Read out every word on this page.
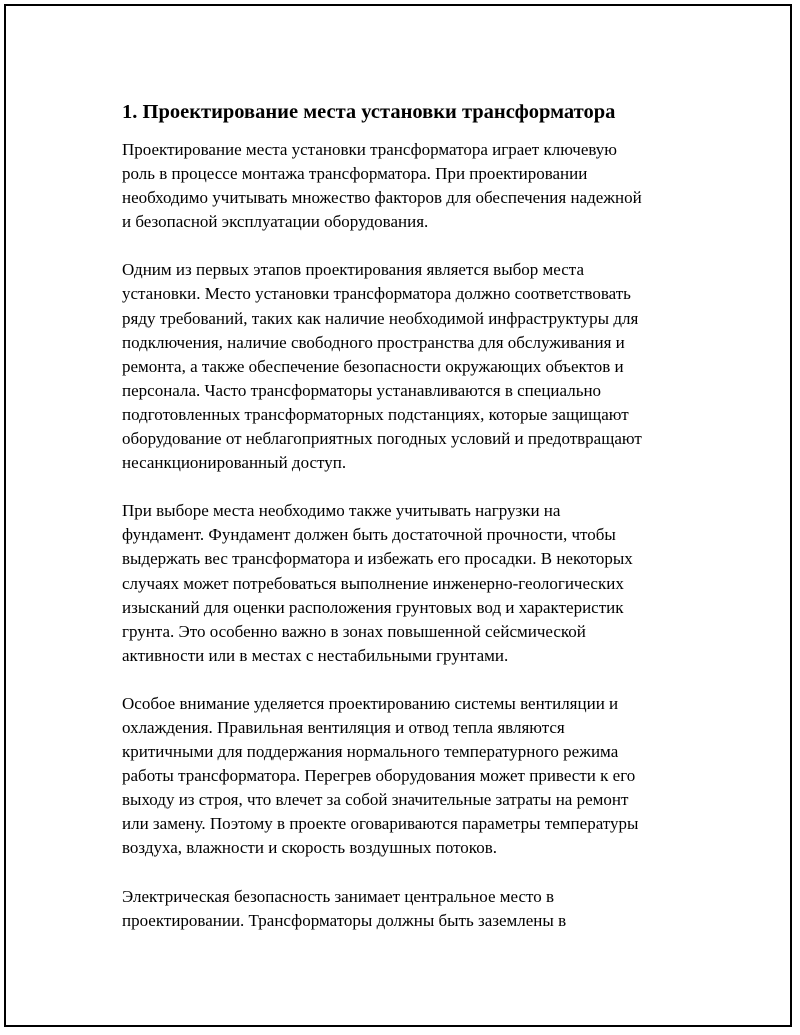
1. Проектирование места установки трансформатора
Проектирование места установки трансформатора играет ключевую
роль в процессе монтажа трансформатора. При проектировании
необходимо учитывать множество факторов для обеспечения надежной
и безопасной эксплуатации оборудования.
Одним из первых этапов проектирования является выбор места
установки. Место установки трансформатора должно соответствовать
ряду требований, таких как наличие необходимой инфраструктуры для
подключения, наличие свободного пространства для обслуживания и
ремонта, а также обеспечение безопасности окружающих объектов и
персонала. Часто трансформаторы устанавливаются в специально
подготовленных трансформаторных подстанциях, которые защищают
оборудование от неблагоприятных погодных условий и предотвращают
несанкционированный доступ.
При выборе места необходимо также учитывать нагрузки на
фундамент. Фундамент должен быть достаточной прочности, чтобы
выдержать вес трансформатора и избежать его просадки. В некоторых
случаях может потребоваться выполнение инженерно-геологических
изысканий для оценки расположения грунтовых вод и характеристик
грунта. Это особенно важно в зонах повышенной сейсмической
активности или в местах с нестабильными грунтами.
Особое внимание уделяется проектированию системы вентиляции и
охлаждения. Правильная вентиляция и отвод тепла являются
критичными для поддержания нормального температурного режима
работы трансформатора. Перегрев оборудования может привести к его
выходу из строя, что влечет за собой значительные затраты на ремонт
или замену. Поэтому в проекте оговариваются параметры температуры
воздуха, влажности и скорость воздушных потоков.
Электрическая безопасность занимает центральное место в
проектировании. Трансформаторы должны быть заземлены в
